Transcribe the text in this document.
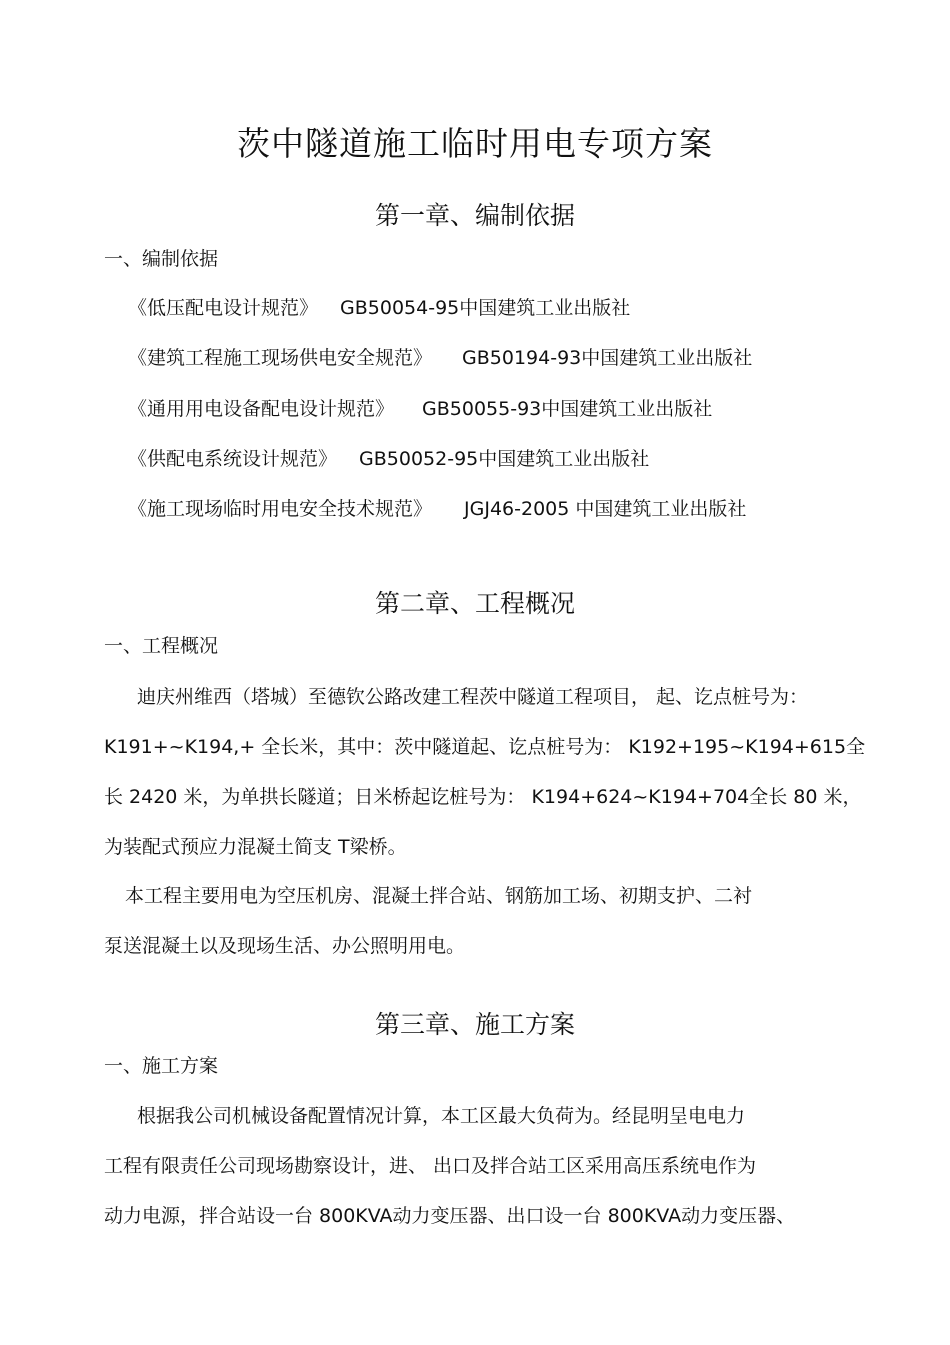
茨中隧道施工临时用电专项方案
第一章、编制依据
一、编制依据
《低压配电设计规范》 GB50054-95中国建筑工业出版社
《建筑工程施工现场供电安全规范》 GB50194-93中国建筑工业出版社
《通用用电设备配电设计规范》 GB50055-93中国建筑工业出版社
《供配电系统设计规范》 GB50052-95中国建筑工业出版社
《施工现场临时用电安全技术规范》 JGJ46-2005 中国建筑工业出版社
第二章、工程概况
一、工程概况
迪庆州维西（塔城）至德钦公路改建工程茨中隧道工程项目， 起、讫点桩号为：
K191+~K194,+ 全长米，其中：茨中隧道起、讫点桩号为： K192+195~K194+615全
长 2420 米，为单拱长隧道；日米桥起讫桩号为： K194+624~K194+704全长 80 米，
为装配式预应力混凝土简支 T梁桥。
本工程主要用电为空压机房、混凝土拌合站、钢筋加工场、初期支护、二衬
泵送混凝土以及现场生活、办公照明用电。
第三章、施工方案
一、施工方案
根据我公司机械设备配置情况计算，本工区最大负荷为。经昆明呈电电力
工程有限责任公司现场勘察设计，进、 出口及拌合站工区采用高压系统电作为
动力电源，拌合站设一台 800KVA动力变压器、出口设一台 800KVA动力变压器、
